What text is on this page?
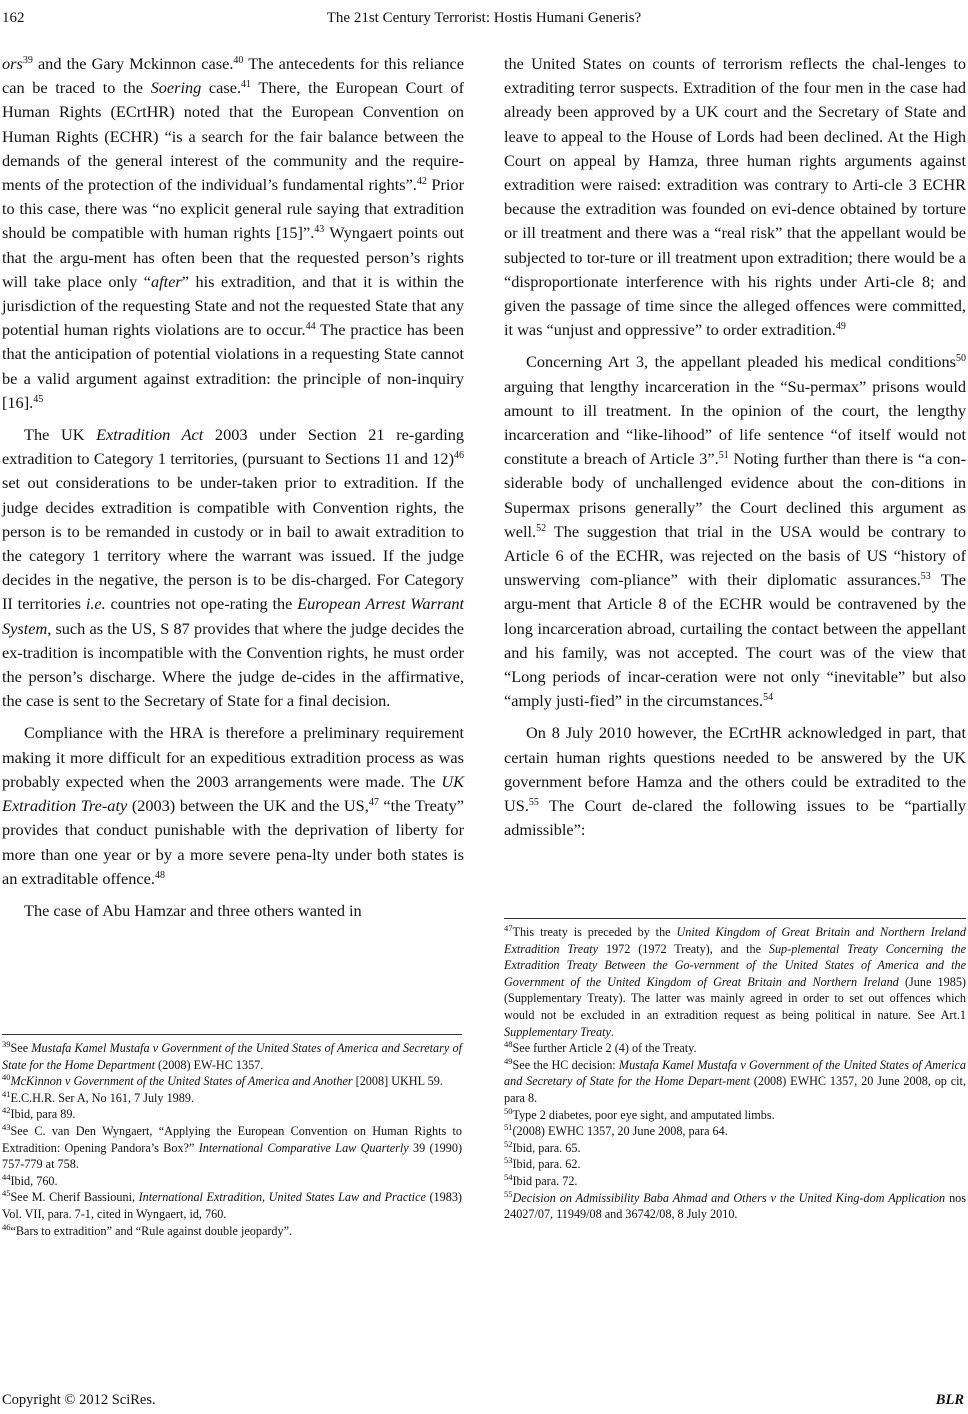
162	The 21st Century Terrorist: Hostis Humani Generis?

ors$^{39}$ and the Gary Mckinnon case.$^{40}$ The antecedents for this reliance can be traced to the Soering case.$^{41}$ There, the European Court of Human Rights (ECrtHR) noted that the European Convention on Human Rights (ECHR) “is a search for the fair balance between the demands of the general interest of the community and the require-ments of the protection of the individual’s fundamental rights”.$^{42}$ Prior to this case, there was “no explicit general rule saying that extradition should be compatible with human rights [15]”.$^{43}$ Wyngaert points out that the argu-ment has often been that the requested person’s rights will take place only “after” his extradition, and that it is within the jurisdiction of the requesting State and not the requested State that any potential human rights violations are to occur.$^{44}$ The practice has been that the anticipation of potential violations in a requesting State cannot be a valid argument against extradition: the principle of non-inquiry [16].$^{45}$

The UK Extradition Act 2003 under Section 21 re-garding extradition to Category 1 territories, (pursuant to Sections 11 and 12)$^{46}$ set out considerations to be under-taken prior to extradition. If the judge decides extradition is compatible with Convention rights, the person is to be remanded in custody or in bail to await extradition to the category 1 territory where the warrant was issued. If the judge decides in the negative, the person is to be dis-charged. For Category II territories i.e. countries not ope-rating the European Arrest Warrant System, such as the US, S 87 provides that where the judge decides the ex-tradition is incompatible with the Convention rights, he must order the person’s discharge. Where the judge de-cides in the affirmative, the case is sent to the Secretary of State for a final decision.

Compliance with the HRA is therefore a preliminary requirement making it more difficult for an expeditious extradition process as was probably expected when the 2003 arrangements were made. The UK Extradition Tre-aty (2003) between the UK and the US,$^{47}$ “the Treaty” provides that conduct punishable with the deprivation of liberty for more than one year or by a more severe pena-lty under both states is an extraditable offence.$^{48}$

The case of Abu Hamzar and three others wanted in

$^{39}$See Mustafa Kamel Mustafa v Government of the United States of America and Secretary of State for the Home Department (2008) EW-HC 1357.

$^{40}$McKinnon v Government of the United States of America and Another [2008] UKHL 59.

$^{41}$E.C.H.R. Ser A, No 161, 7 July 1989.

$^{42}$Ibid, para 89.

$^{43}$See C. van Den Wyngaert, “Applying the European Convention on Human Rights to Extradition: Opening Pandora’s Box?” International Comparative Law Quarterly 39 (1990) 757-779 at 758.

$^{44}$Ibid, 760.

$^{45}$See M. Cherif Bassiouni, International Extradition, United States Law and Practice (1983) Vol. VII, para. 7-1, cited in Wyngaert, id, 760.

$^{46}$“Bars to extradition” and “Rule against double jeopardy”.

the United States on counts of terrorism reflects the chal-lenges to extraditing terror suspects. Extradition of the four men in the case had already been approved by a UK court and the Secretary of State and leave to appeal to the House of Lords had been declined. At the High Court on appeal by Hamza, three human rights arguments against extradition were raised: extradition was contrary to Arti-cle 3 ECHR because the extradition was founded on evi-dence obtained by torture or ill treatment and there was a “real risk” that the appellant would be subjected to tor-ture or ill treatment upon extradition; there would be a “disproportionate interference with his rights under Arti-cle 8; and given the passage of time since the alleged offences were committed, it was “unjust and oppressive” to order extradition.$^{49}$

Concerning Art 3, the appellant pleaded his medical conditions$^{50}$ arguing that lengthy incarceration in the “Su-permax” prisons would amount to ill treatment. In the opinion of the court, the lengthy incarceration and “like-lihood” of life sentence “of itself would not constitute a breach of Article 3”.$^{51}$ Noting further than there is “a con-siderable body of unchallenged evidence about the con-ditions in Supermax prisons generally” the Court declined this argument as well.$^{52}$ The suggestion that trial in the USA would be contrary to Article 6 of the ECHR, was rejected on the basis of US “history of unswerving com-pliance” with their diplomatic assurances.$^{53}$ The argu-ment that Article 8 of the ECHR would be contravened by the long incarceration abroad, curtailing the contact between the appellant and his family, was not accepted. The court was of the view that “Long periods of incar-ceration were not only “inevitable” but also “amply justi-fied” in the circumstances.$^{54}$

On 8 July 2010 however, the ECrtHR acknowledged in part, that certain human rights questions needed to be answered by the UK government before Hamza and the others could be extradited to the US.$^{55}$ The Court de-clared the following issues to be “partially admissible”:

$^{47}$This treaty is preceded by the United Kingdom of Great Britain and Northern Ireland Extradition Treaty 1972 (1972 Treaty), and the Sup-plemental Treaty Concerning the Extradition Treaty Between the Go-vernment of the United States of America and the Government of the United Kingdom of Great Britain and Northern Ireland (June 1985) (Supplementary Treaty). The latter was mainly agreed in order to set out offences which would not be excluded in an extradition request as being political in nature. See Art.1 Supplementary Treaty.

$^{48}$See further Article 2 (4) of the Treaty.

$^{49}$See the HC decision: Mustafa Kamel Mustafa v Government of the United States of America and Secretary of State for the Home Depart-ment (2008) EWHC 1357, 20 June 2008, op cit, para 8.

$^{50}$Type 2 diabetes, poor eye sight, and amputated limbs.

$^{51}$(2008) EWHC 1357, 20 June 2008, para 64.

$^{52}$Ibid, para. 65.

$^{53}$Ibid, para. 62.

$^{54}$Ibid para. 72.

$^{55}$Decision on Admissibility Baba Ahmad and Others v the United King-dom Application nos 24027/07, 11949/08 and 36742/08, 8 July 2010.

Copyright © 2012 SciRes.	BLR
